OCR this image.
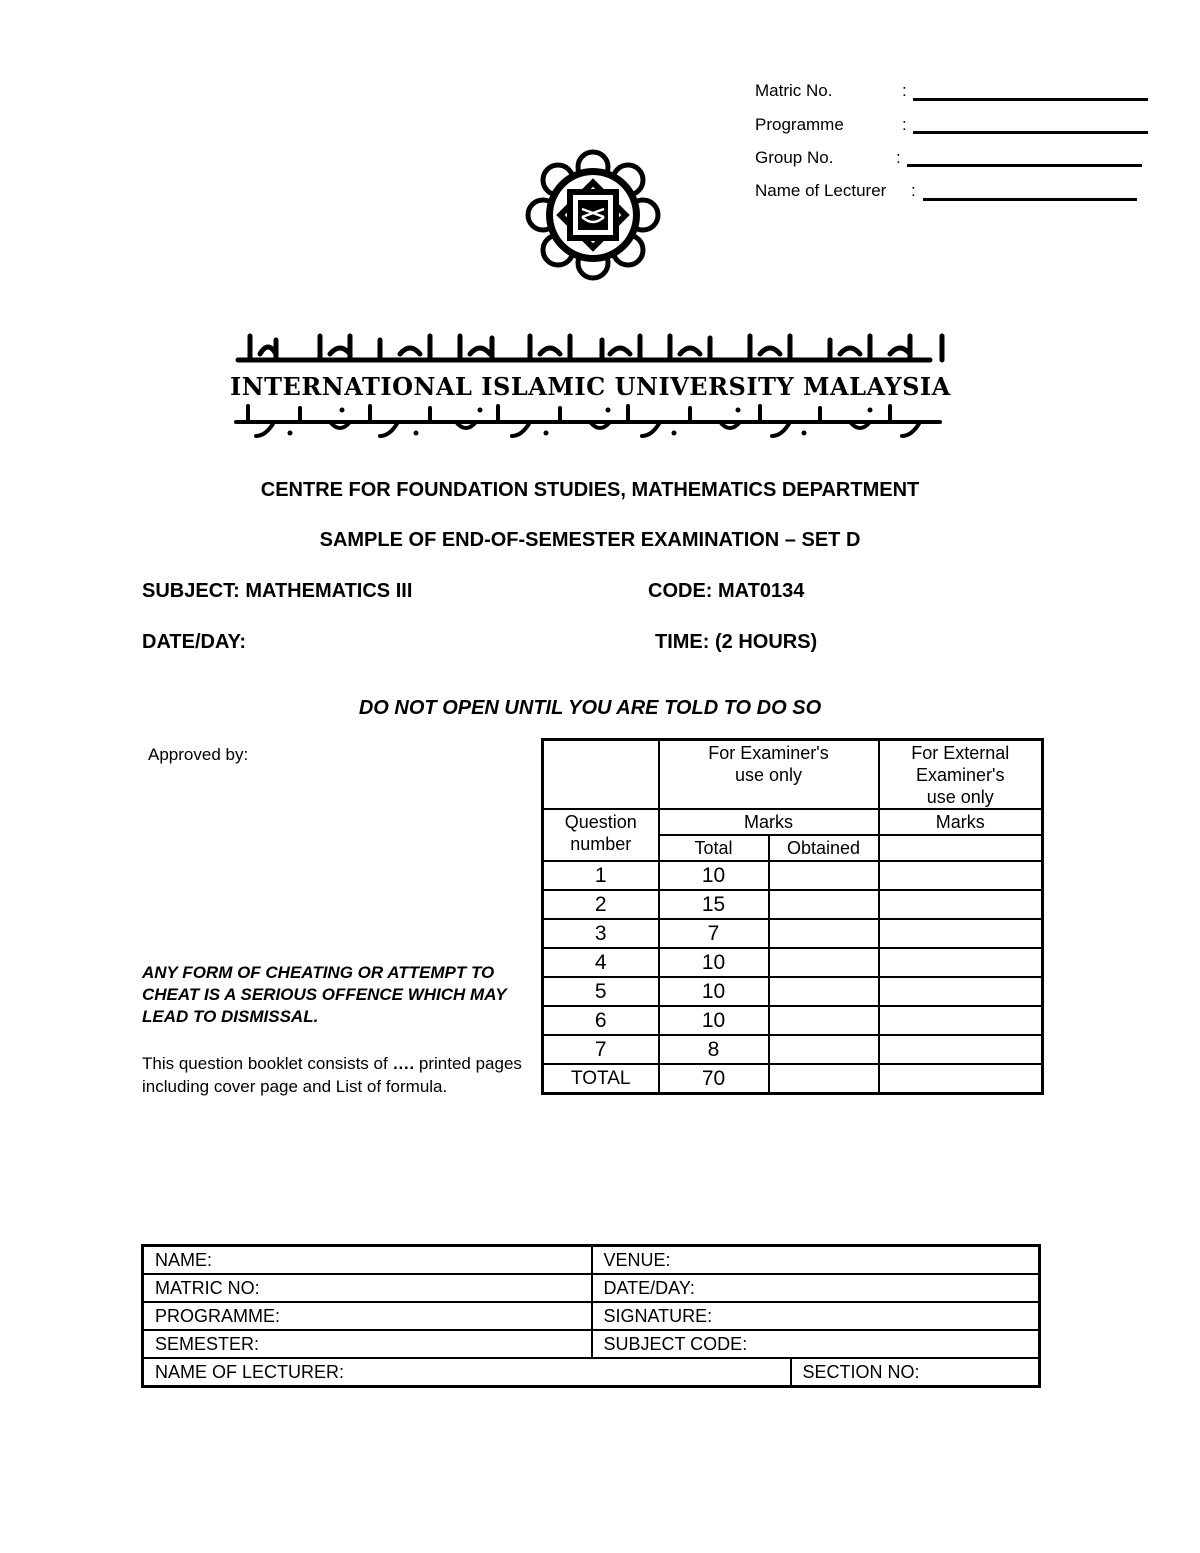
Matric No.	:
Programme	:
Group No.	:
Name of Lecturer :
INTERNATIONAL ISLAMIC UNIVERSITY MALAYSIA
CENTRE FOR FOUNDATION STUDIES, MATHEMATICS DEPARTMENT
SAMPLE OF END-OF-SEMESTER EXAMINATION – SET D
SUBJECT: MATHEMATICS III	CODE: MAT0134
DATE/DAY:	TIME: (2 HOURS)
DO NOT OPEN UNTIL YOU ARE TOLD TO DO SO
Approved by:
ANY FORM OF CHEATING OR ATTEMPT TO CHEAT IS A SERIOUS OFFENCE WHICH MAY LEAD TO DISMISSAL.
This question booklet consists of …. printed pages including cover page and List of formula.

	For Examiner's use only		For External Examiner's use only

Question number	Marks		Marks
	Total	Obtained	
1	10		
2	15		
3	7		
4	10		
5	10		
6	10		
7	8		
TOTAL	70		
NAME:	VENUE:	
MATRIC NO:	DATE/DAY:	
PROGRAMME:	SIGNATURE:	
SEMESTER:	SUBJECT CODE:	
NAME OF LECTURER:		SECTION NO:
